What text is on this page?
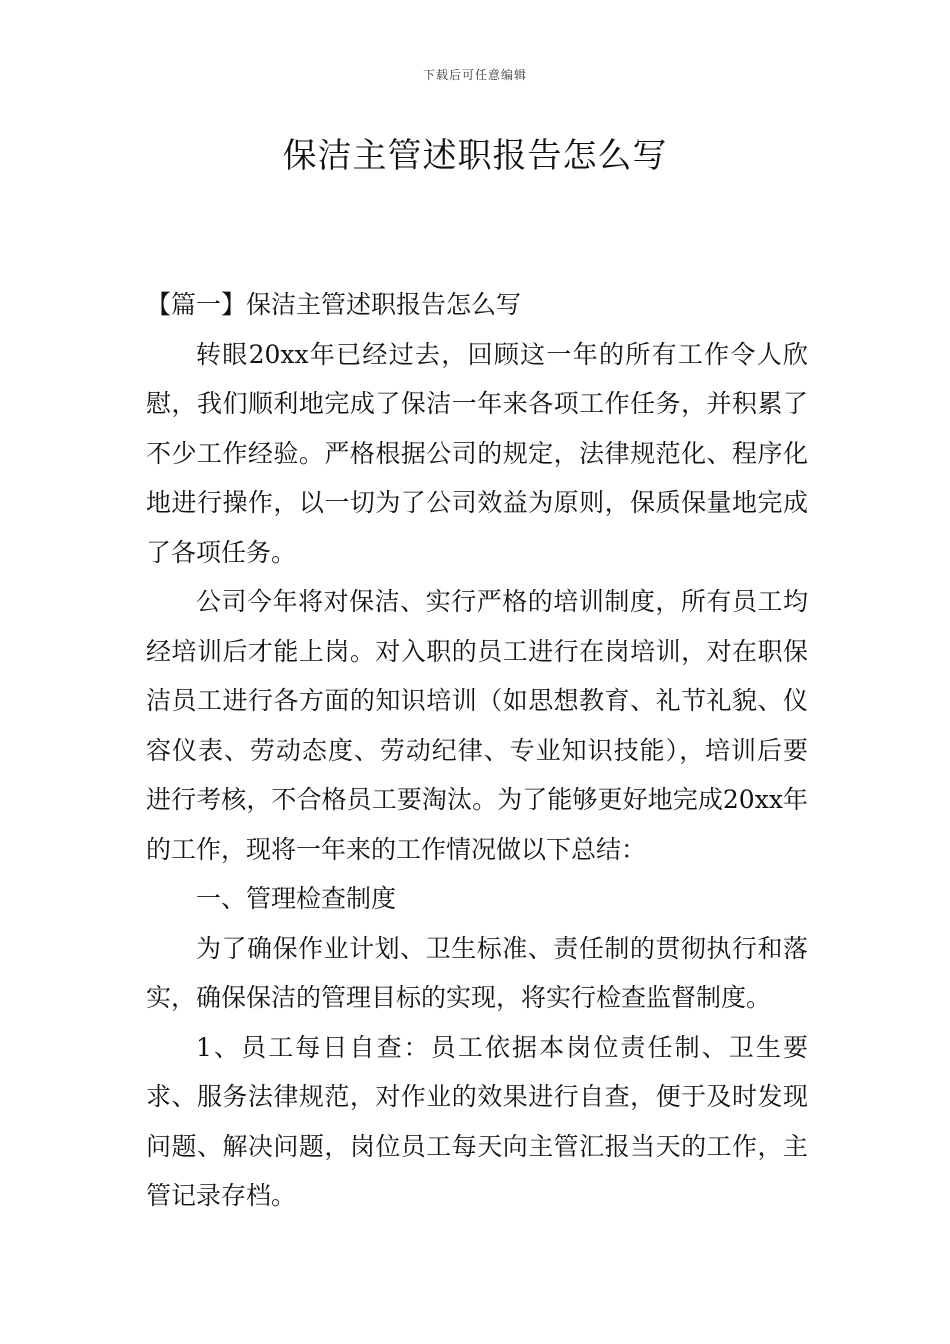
下载后可任意编辑
保洁主管述职报告怎么写

【篇一】保洁主管述职报告怎么写

转眼20xx年已经过去，回顾这一年的所有工作令人欣慰，我们顺利地完成了保洁一年来各项工作任务，并积累了不少工作经验。严格根据公司的规定，法律规范化、程序化地进行操作，以一切为了公司效益为原则，保质保量地完成了各项任务。

公司今年将对保洁、实行严格的培训制度，所有员工均经培训后才能上岗。对入职的员工进行在岗培训，对在职保洁员工进行各方面的知识培训（如思想教育、礼节礼貌、仪容仪表、劳动态度、劳动纪律、专业知识技能），培训后要进行考核，不合格员工要淘汰。为了能够更好地完成20xx年的工作，现将一年来的工作情况做以下总结：

一、管理检查制度

为了确保作业计划、卫生标准、责任制的贯彻执行和落实，确保保洁的管理目标的实现，将实行检查监督制度。

1、员工每日自查：员工依据本岗位责任制、卫生要求、服务法律规范，对作业的效果进行自查，便于及时发现问题、解决问题，岗位员工每天向主管汇报当天的工作，主管记录存档。
